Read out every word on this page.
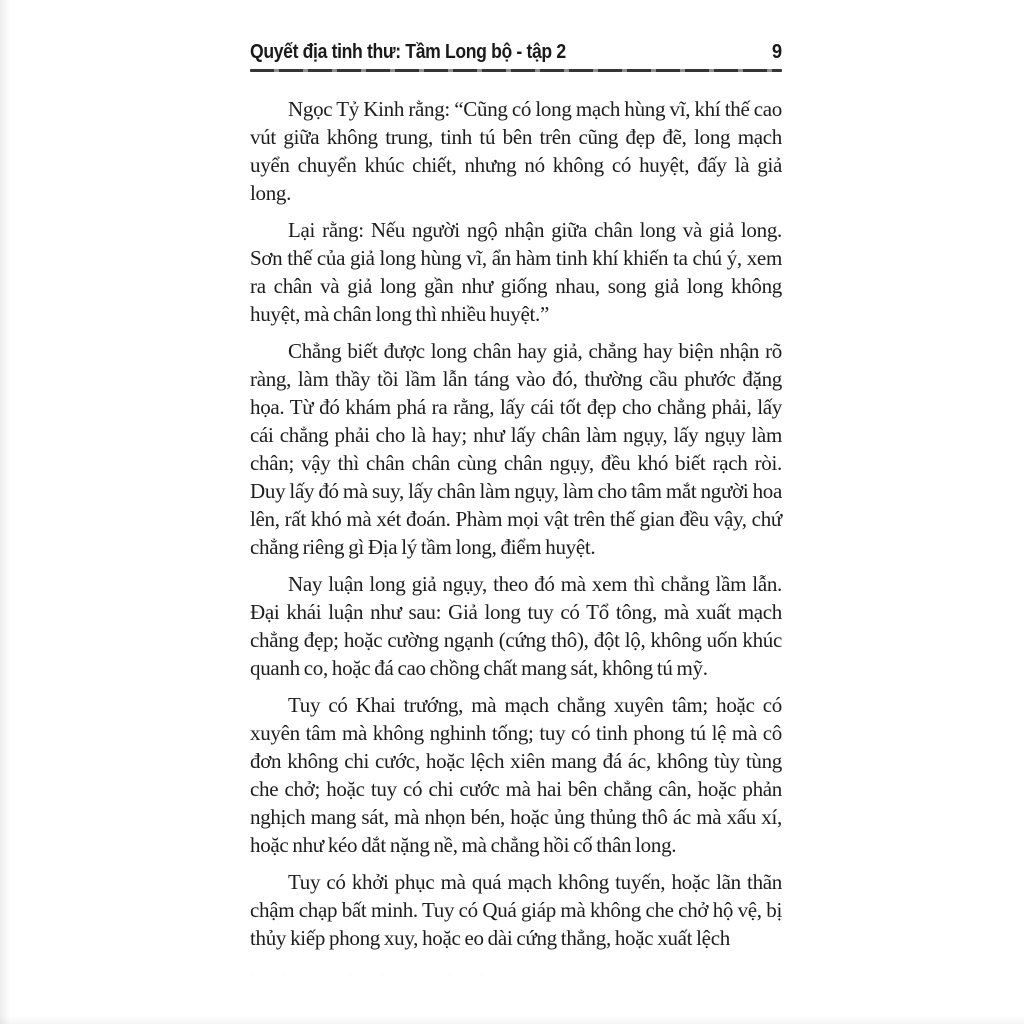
Quyết địa tinh thư: Tầm Long bộ - tập 2	9

Ngọc Tỷ Kinh rằng: “Cũng có long mạch hùng vĩ, khí thế cao vút giữa không trung, tinh tú bên trên cũng đẹp đẽ, long mạch uyển chuyển khúc chiết, nhưng nó không có huyệt, đấy là giả long.

Lại rằng: Nếu người ngộ nhận giữa chân long và giả long. Sơn thế của giả long hùng vĩ, ẩn hàm tinh khí khiến ta chú ý, xem ra chân và giả long gần như giống nhau, song giả long không huyệt, mà chân long thì nhiều huyệt.”

Chẳng biết được long chân hay giả, chẳng hay biện nhận rõ ràng, làm thầy tồi lầm lẫn táng vào đó, thường cầu phước đặng họa. Từ đó khám phá ra rằng, lấy cái tốt đẹp cho chẳng phải, lấy cái chẳng phải cho là hay; như lấy chân làm ngụy, lấy ngụy làm chân; vậy thì chân chân cùng chân ngụy, đều khó biết rạch ròi. Duy lấy đó mà suy, lấy chân làm ngụy, làm cho tâm mắt người hoa lên, rất khó mà xét đoán. Phàm mọi vật trên thế gian đều vậy, chứ chẳng riêng gì Địa lý tầm long, điểm huyệt.

Nay luận long giả ngụy, theo đó mà xem thì chẳng lầm lẫn. Đại khái luận như sau: Giả long tuy có Tổ tông, mà xuất mạch chẳng đẹp; hoặc cường ngạnh (cứng thô), đột lộ, không uốn khúc quanh co, hoặc đá cao chồng chất mang sát, không tú mỹ.

Tuy có Khai trướng, mà mạch chẳng xuyên tâm; hoặc có xuyên tâm mà không nghinh tống; tuy có tinh phong tú lệ mà cô đơn không chi cước, hoặc lệch xiên mang đá ác, không tùy tùng che chở; hoặc tuy có chi cước mà hai bên chẳng cân, hoặc phản nghịch mang sát, mà nhọn bén, hoặc ủng thủng thô ác mà xấu xí, hoặc như kéo dắt nặng nề, mà chẳng hồi cố thân long.

Tuy có khởi phục mà quá mạch không tuyến, hoặc lãn thãn chậm chạp bất minh. Tuy có Quá giáp mà không che chở hộ vệ, bị thủy kiếp phong xuy, hoặc eo dài cứng thẳng, hoặc xuất lệch

. . . . . . . .
